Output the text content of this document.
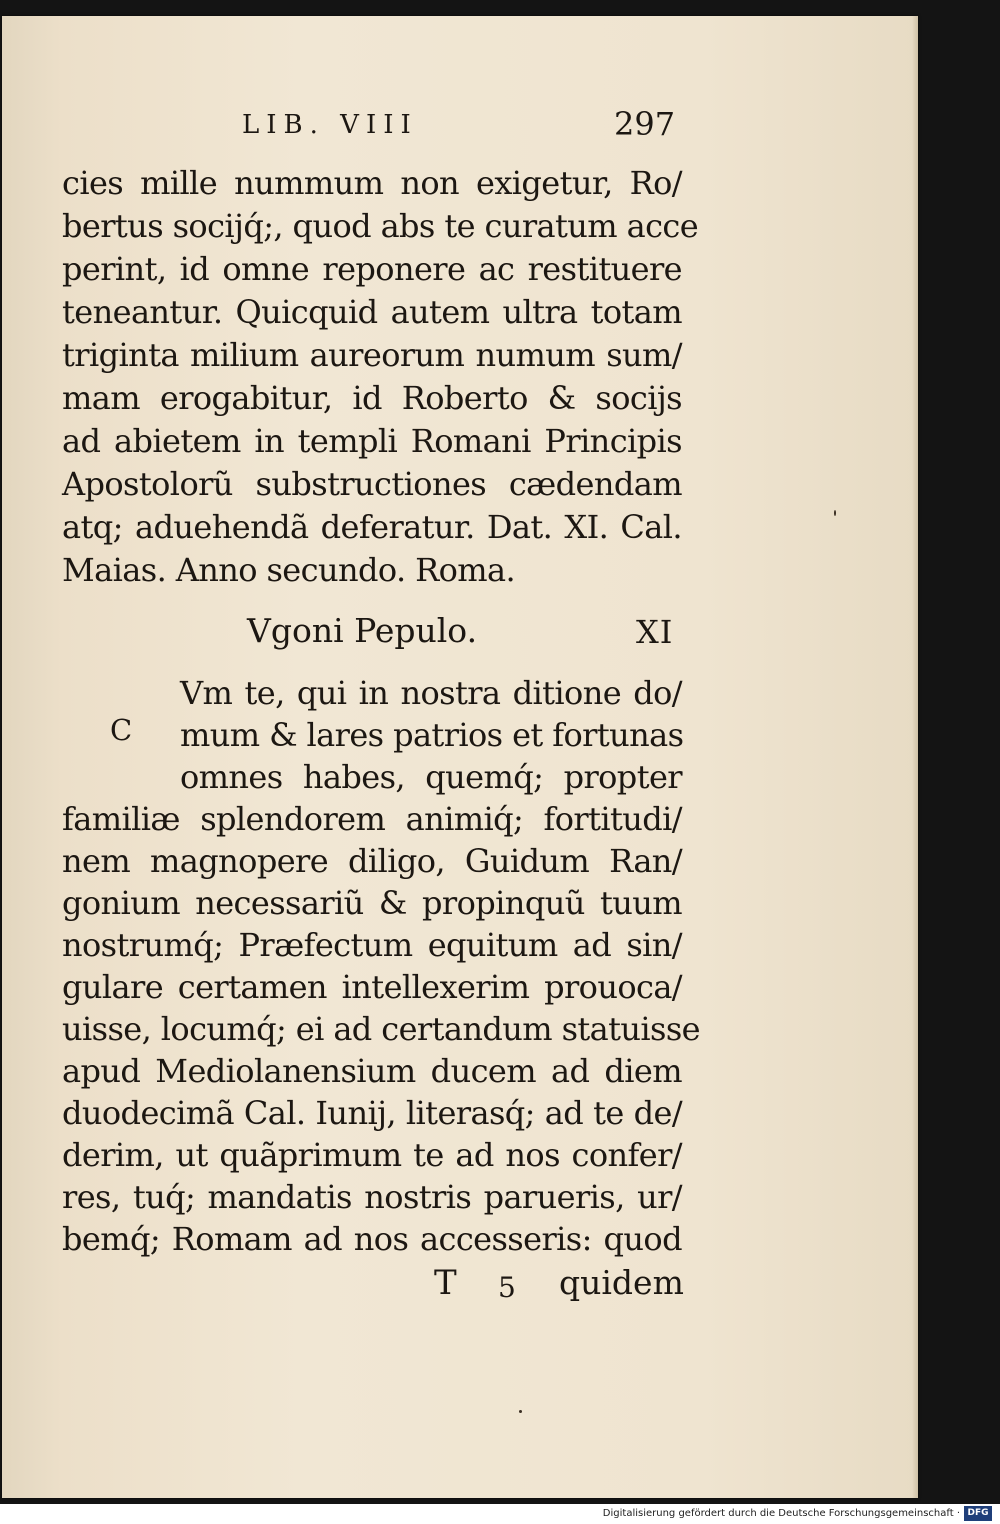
LIB. VIII	297
cies mille nummum non exigetur, Ro/
bertus socijq́;, quod abs te curatum acce
perint, id omne reponere ac restituere
teneantur. Quicquid autem ultra totam
triginta milium aureorum numum sum/
mam erogabitur, id Roberto & socijs
ad abietem in templi Romani Principis
Apostolorũ substructiones cædendam
atq; aduehendã deferatur. Dat. XI. Cal.
Maias. Anno secundo. Roma.
Vgoni Pepulo.	XI
C
Vm te, qui in nostra ditione do/
mum & lares patrios et fortunas
omnes habes, quemq́; propter
familiæ splendorem animiq́; fortitudi/
nem magnopere diligo, Guidum Ran/
gonium necessariũ & propinquũ tuum
nostrumq́; Præfectum equitum ad sin/
gulare certamen intellexerim prouoca/
uisse, locumq́; ei ad certandum statuisse
apud Mediolanensium ducem ad diem
duodecimã Cal. Iunij, literasq́; ad te de/
derim, ut quãprimum te ad nos confer/
res, tuq́; mandatis nostris parueris, ur/
bemq́; Romam ad nos accesseris: quod
T 5 quidem
Digitalisierung gefördert durch die Deutsche Forschungsgemeinschaft · DFG
